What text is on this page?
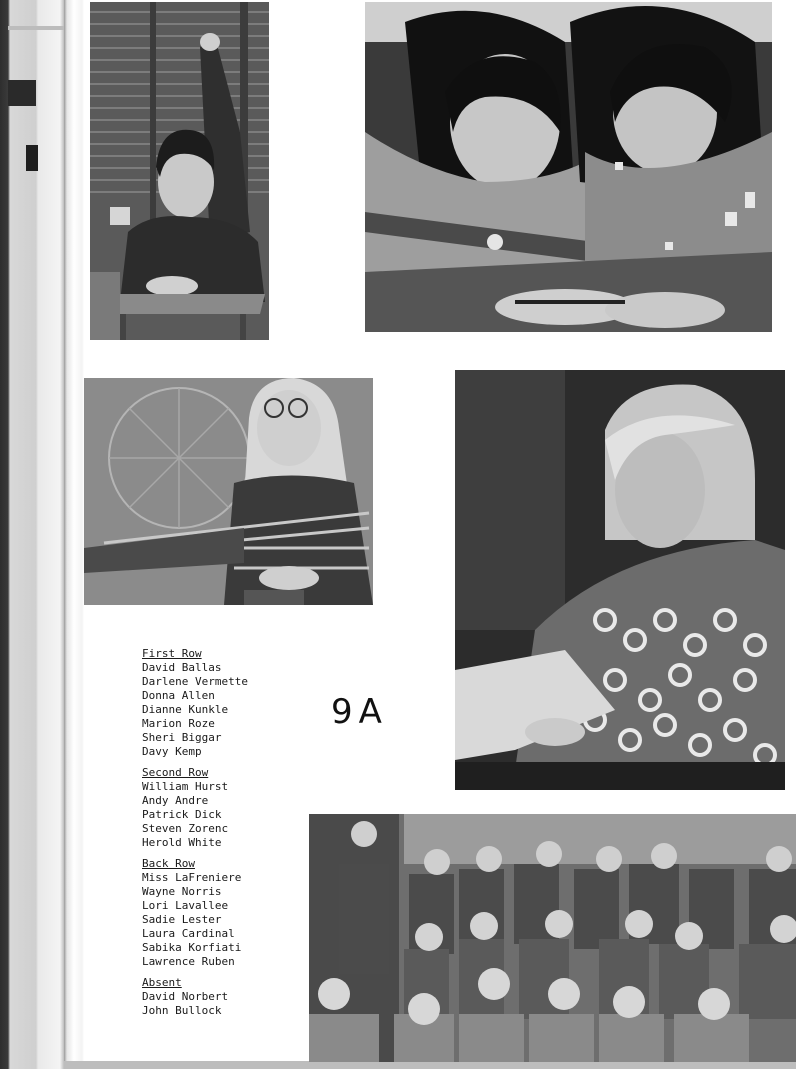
First Row
David Ballas
Darlene Vermette
Donna Allen
Dianne Kunkle
Marion Roze
Sheri Biggar
Davy Kemp
Second Row
William Hurst
Andy Andre
Patrick Dick
Steven Zorenc
Herold White
Back Row
Miss LaFreniere
Wayne Norris
Lori Lavallee
Sadie Lester
Laura Cardinal
Sabika Korfiati
Lawrence Ruben
Absent
David Norbert
John Bullock
9A
